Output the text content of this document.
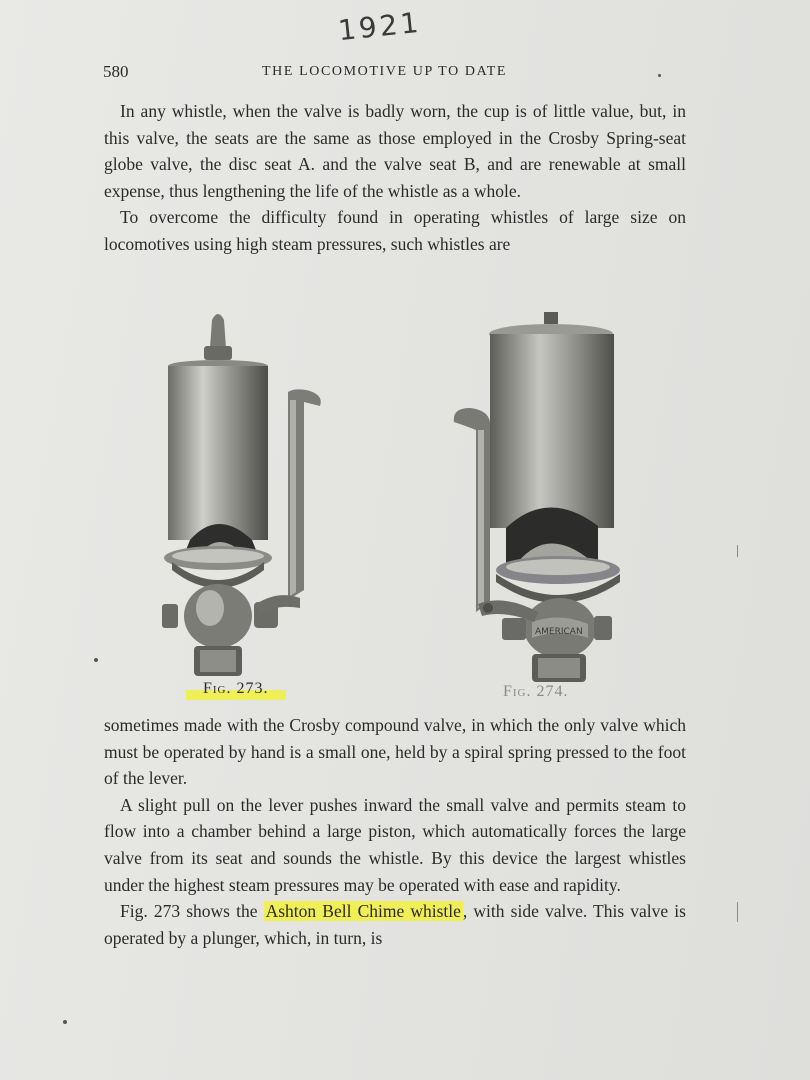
1921
580	THE LOCOMOTIVE UP TO DATE

In any whistle, when the valve is badly worn, the cup is of little value, but, in this valve, the seats are the same as those employed in the Crosby Spring-seat globe valve, the disc seat A. and the valve seat B, and are renewable at small expense, thus lengthening the life of the whistle as a whole.

To overcome the difficulty found in operating whistles of large size on locomotives using high steam pressures, such whistles are

AMERICAN
Fig. 273.	Fig. 274.

sometimes made with the Crosby compound valve, in which the only valve which must be operated by hand is a small one, held by a spiral spring pressed to the foot of the lever.

A slight pull on the lever pushes inward the small valve and permits steam to flow into a chamber behind a large piston, which automatically forces the large valve from its seat and sounds the whistle. By this device the largest whistles under the highest steam pressures may be operated with ease and rapidity.

Fig. 273 shows the Ashton Bell Chime whistle , with side valve. This valve is operated by a plunger, which, in turn, is
